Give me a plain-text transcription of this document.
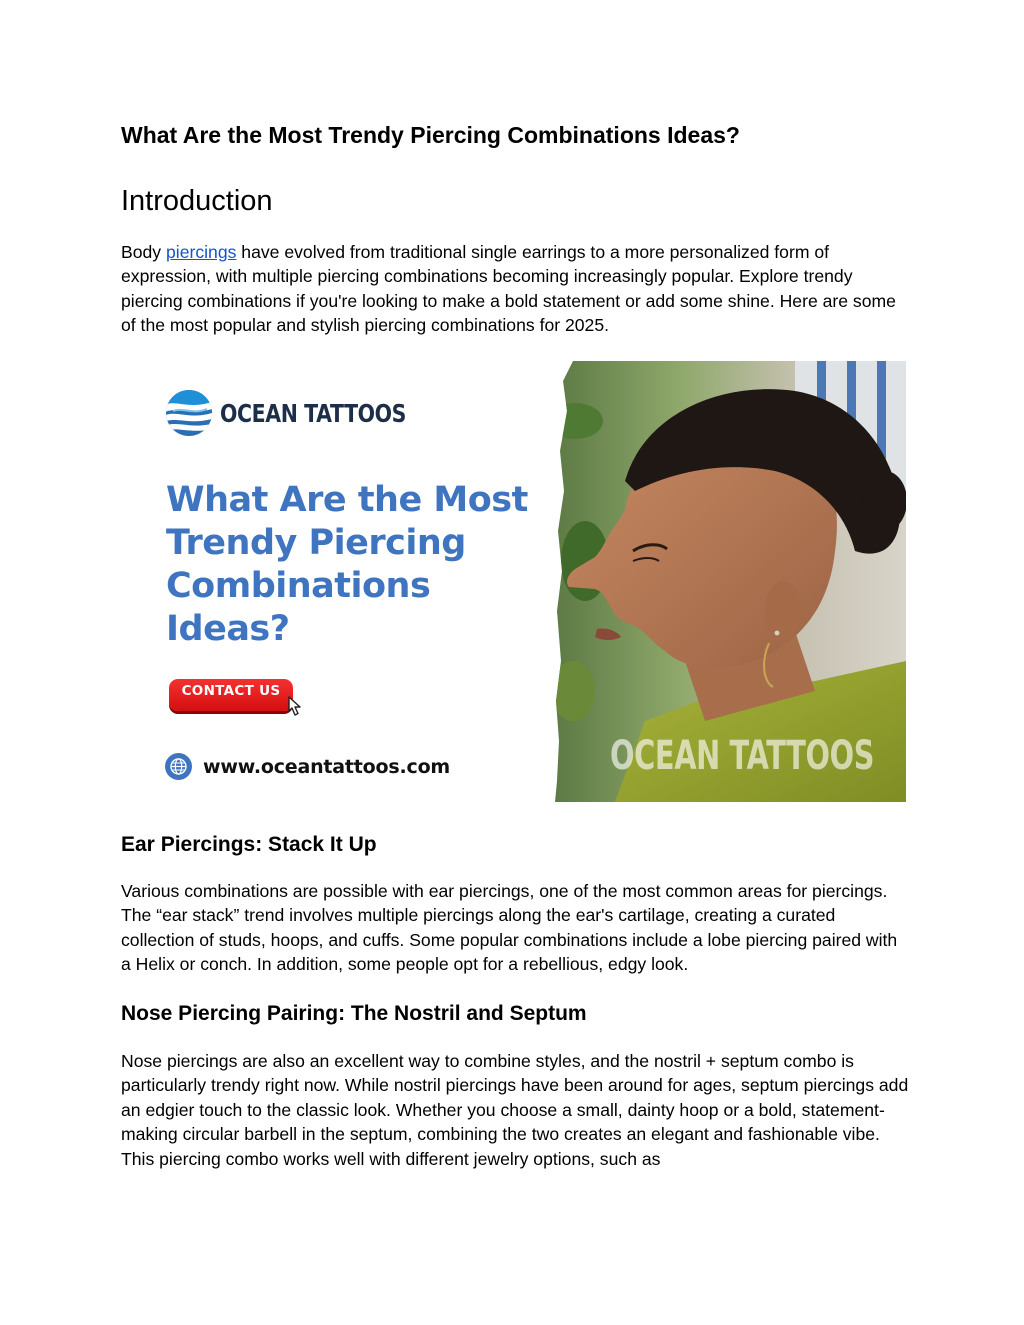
What Are the Most Trendy Piercing Combinations Ideas?
Introduction

Body piercings have evolved from traditional single earrings to a more personalized form of expression, with multiple piercing combinations becoming increasingly popular. Explore trendy piercing combinations if you're looking to make a bold statement or add some shine. Here are some of the most popular and stylish piercing combinations for 2025.

Ear Piercings: Stack It Up

Various combinations are possible with ear piercings, one of the most common areas for piercings. The “ear stack” trend involves multiple piercings along the ear's cartilage, creating a curated collection of studs, hoops, and cuffs. Some popular combinations include a lobe piercing paired with a Helix or conch. In addition, some people opt for a rebellious, edgy look.

Nose Piercing Pairing: The Nostril and Septum

Nose piercings are also an excellent way to combine styles, and the nostril + septum combo is particularly trendy right now. While nostril piercings have been around for ages, septum piercings add an edgier touch to the classic look. Whether you choose a small, dainty hoop or a bold, statement-making circular barbell in the septum, combining the two creates an elegant and fashionable vibe. This piercing combo works well with different jewelry options, such as

OCEAN TATTOOS
What Are the Most Trendy Piercing Combinations Ideas?
CONTACT US
www.oceantattoos.com	OCEAN TATTOOS
